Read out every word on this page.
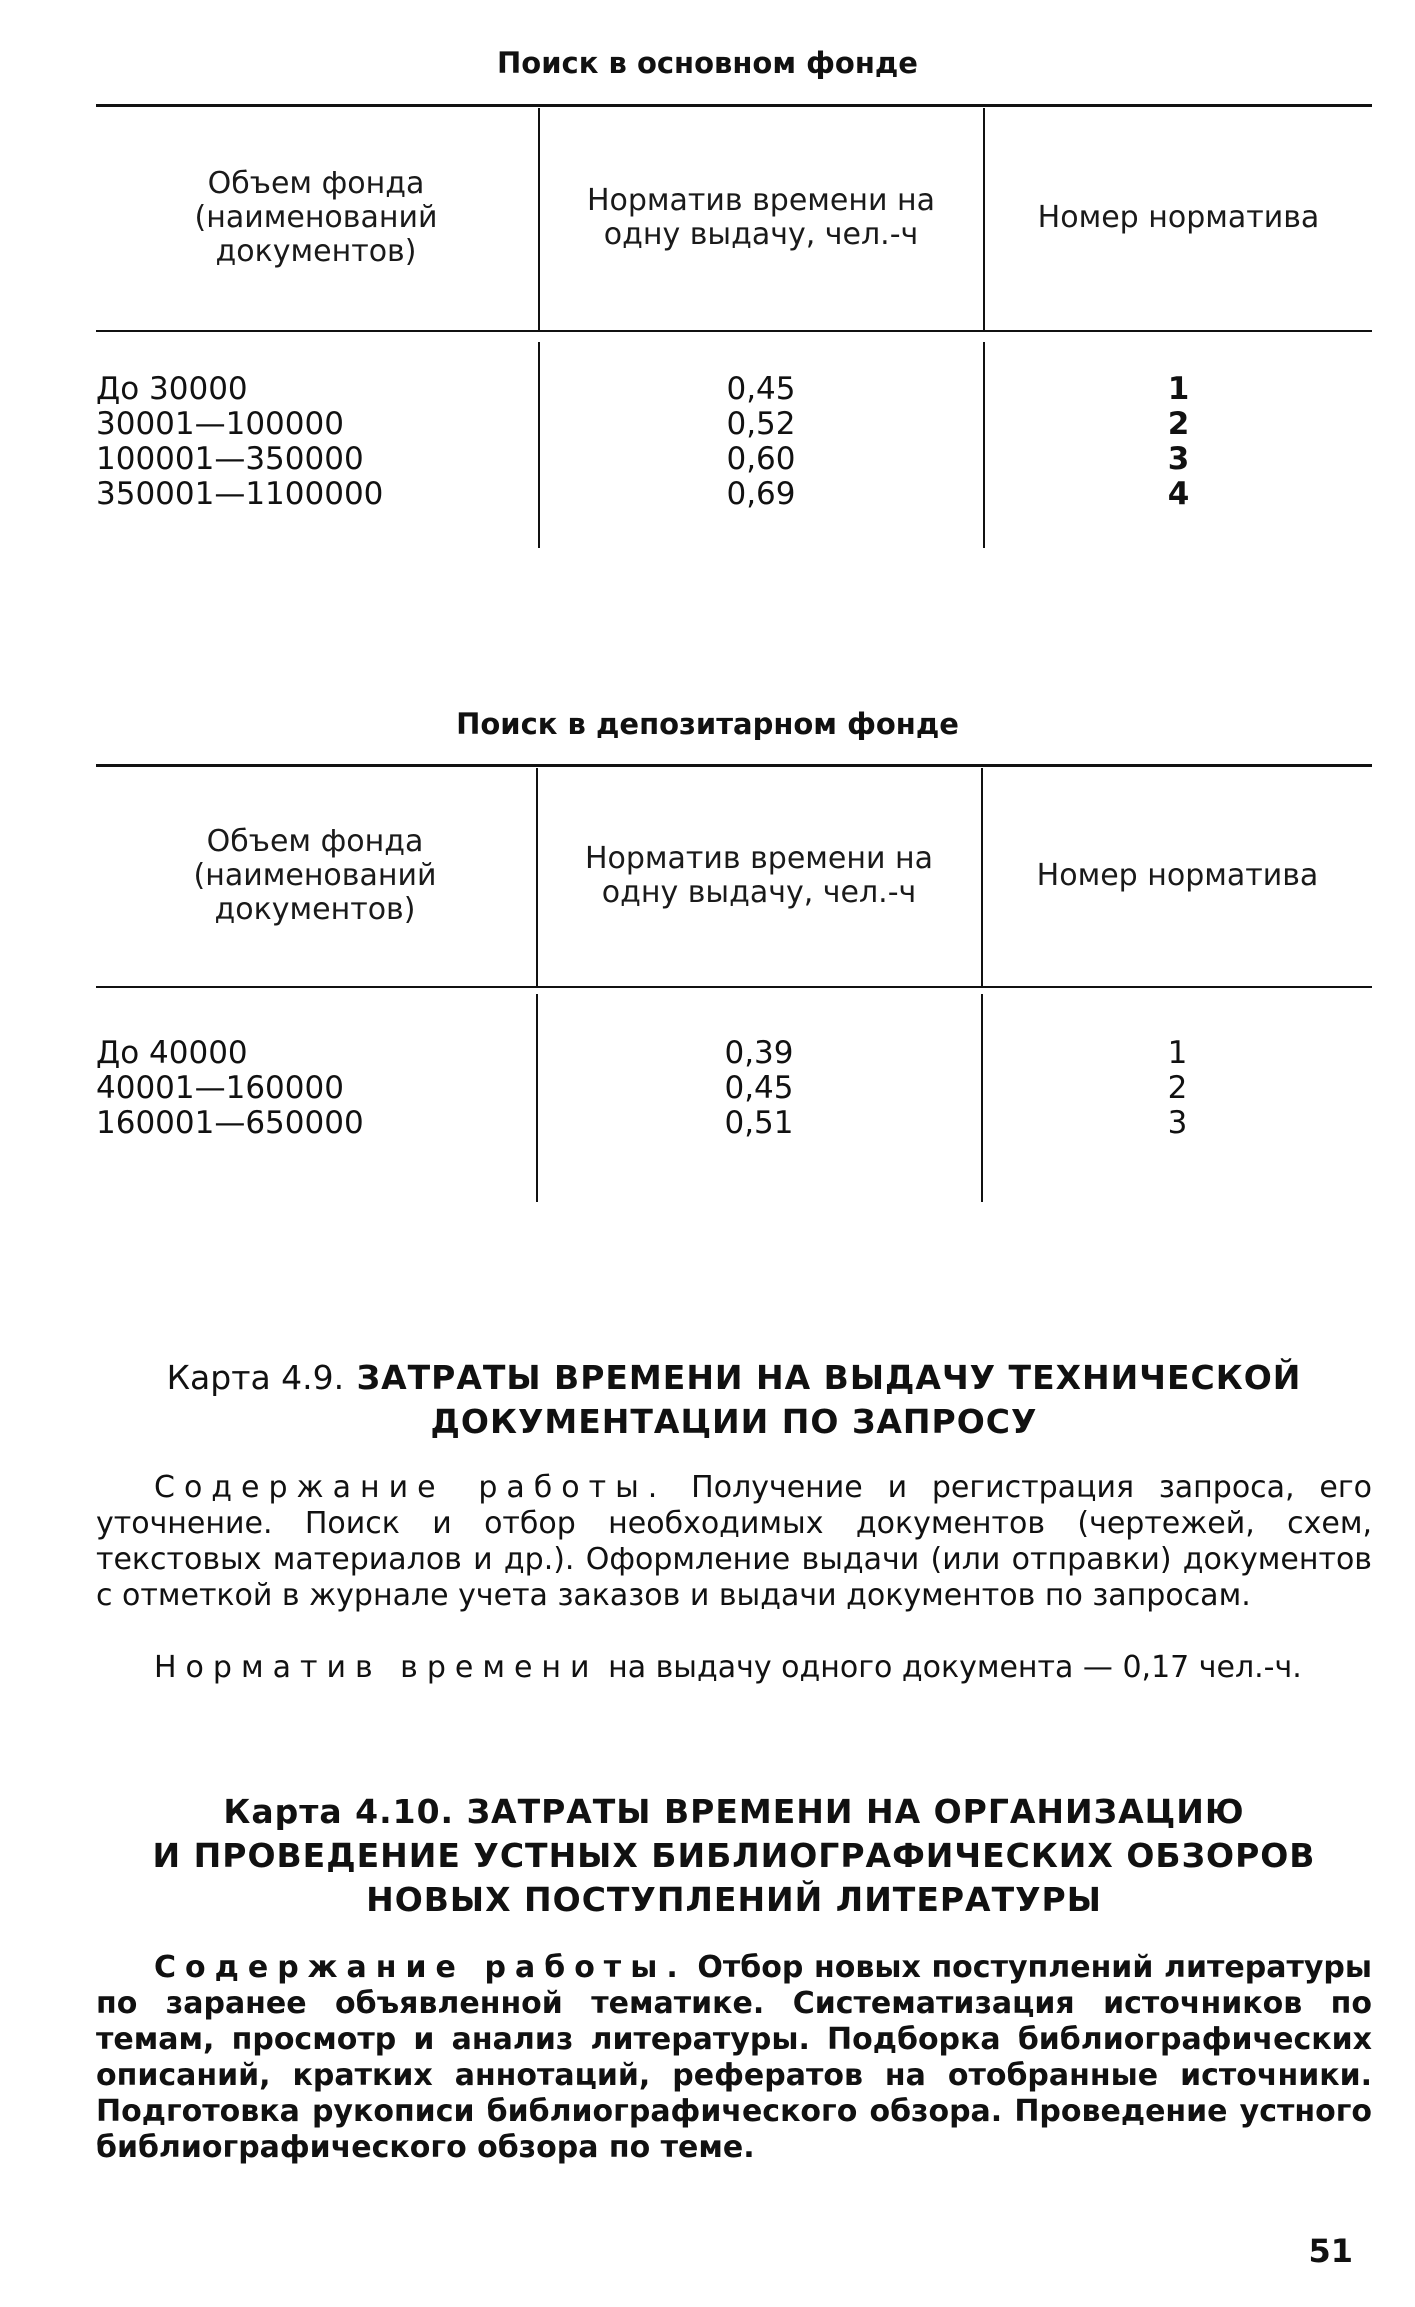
Поиск в основном фонде
Объем фонда (наименований документов)
Норматив времени на одну выдачу, чел.-ч	Номер норматива
До 30000
30001—100000
100001—350000
350001—1100000
0,45
0,52
0,60
0,69
1
2
3
4
Поиск в депозитарном фонде
Объем фонда (наименований документов)
Норматив времени на одну выдачу, чел.-ч	Номер норматива
До 40000
40001—160000
160001—650000
0,39
0,45
0,51
1
2
3
Карта 4.9. ЗАТРАТЫ ВРЕМЕНИ НА ВЫДАЧУ ТЕХНИЧЕСКОЙ
ДОКУМЕНТАЦИИ ПО ЗАПРОСУ
Содержание работы. Получение и регистрация запроса, его уточнение. Поиск и отбор необходимых документов (чертежей, схем, текстовых материалов и др.). Оформление выдачи (или отправки) документов с отметкой в журнале учета заказов и выдачи документов по запросам.
Норматив времени на выдачу одного документа — 0,17 чел.-ч.
Карта 4.10. ЗАТРАТЫ ВРЕМЕНИ НА ОРГАНИЗАЦИЮ
И ПРОВЕДЕНИЕ УСТНЫХ БИБЛИОГРАФИЧЕСКИХ ОБЗОРОВ
НОВЫХ ПОСТУПЛЕНИЙ ЛИТЕРАТУРЫ
Содержание работы. Отбор новых поступлений литературы по заранее объявленной тематике. Систематизация источников по темам, просмотр и анализ литературы. Подборка библиографических описаний, кратких аннотаций, рефератов на отобранные источники. Подготовка рукописи библиографического обзора. Проведение устного библиографического обзора по теме.
51
